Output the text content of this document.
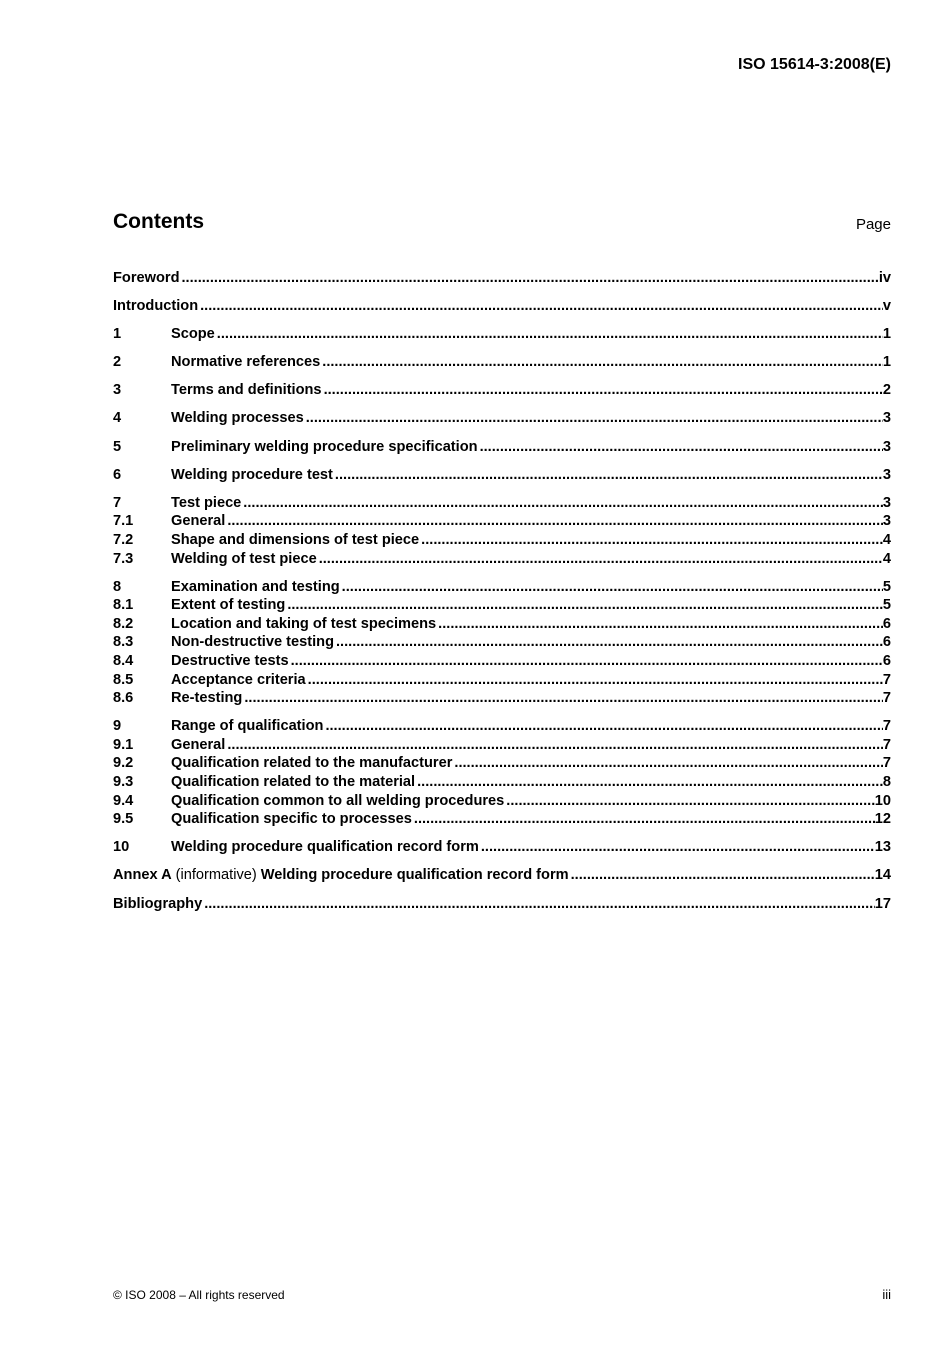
ISO 15614-3:2008(E)
Contents	Page
Foreword .....	iv
Introduction .....	v
1	Scope .....	1
2	Normative references .....	1
3	Terms and definitions .....	2
4	Welding processes .....	3
5	Preliminary welding procedure specification .....	3
6	Welding procedure test .....	3
7	Test piece .....	3
7.1	General .....	3
7.2	Shape and dimensions of test piece .....	4
7.3	Welding of test piece .....	4
8	Examination and testing .....	5
8.1	Extent of testing .....	5
8.2	Location and taking of test specimens .....	6
8.3	Non-destructive testing .....	6
8.4	Destructive tests .....	6
8.5	Acceptance criteria .....	7
8.6	Re-testing .....	7
9	Range of qualification .....	7
9.1	General .....	7
9.2	Qualification related to the manufacturer .....	7
9.3	Qualification related to the material .....	8
9.4	Qualification common to all welding procedures .....	10
9.5	Qualification specific to processes .....	12
10	Welding procedure qualification record form .....	13
Annex A (informative) Welding procedure qualification record form .....	14
Bibliography .....	17
© ISO 2008 – All rights reserved	iii
